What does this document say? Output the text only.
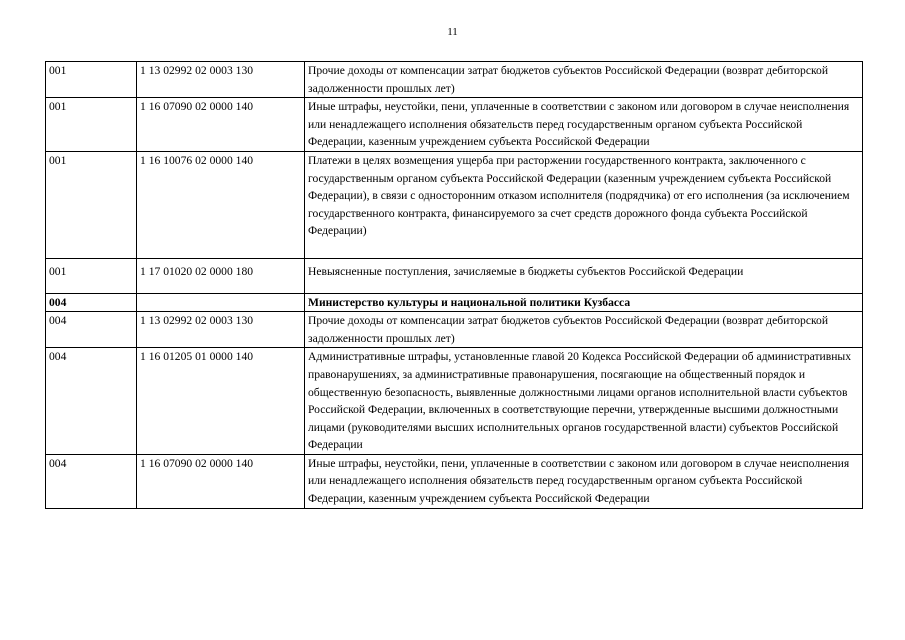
11
001	1 13 02992 02 0003 130	Прочие доходы от компенсации затрат бюджетов субъектов Российской Федерации (возврат дебиторской задолженности прошлых лет)
001	1 16 07090 02 0000 140	Иные штрафы, неустойки, пени, уплаченные в соответствии с законом или договором в случае неисполнения или ненадлежащего исполнения обязательств перед государственным органом субъекта Российской Федерации, казенным учреждением субъекта Российской Федерации
001	1 16 10076 02 0000 140	Платежи в целях возмещения ущерба при расторжении государственного контракта, заключенного с государственным органом субъекта Российской Федерации (казенным учреждением субъекта Российской Федерации), в связи с односторонним отказом исполнителя (подрядчика) от его исполнения (за исключением государственного контракта, финансируемого за счет средств дорожного фонда субъекта Российской Федерации)
001	1 17 01020 02 0000 180	Невыясненные поступления, зачисляемые в бюджеты субъектов Российской Федерации
004		Министерство культуры и национальной политики Кузбасса
004	1 13 02992 02 0003 130	Прочие доходы от компенсации затрат бюджетов субъектов Российской Федерации (возврат дебиторской задолженности прошлых лет)
004	1 16 01205 01 0000 140	Административные штрафы, установленные главой 20 Кодекса Российской Федерации об административных правонарушениях, за административные правонарушения, посягающие на общественный порядок и общественную безопасность, выявленные должностными лицами органов исполнительной власти субъектов Российской Федерации, включенных в соответствующие перечни, утвержденные высшими должностными лицами (руководителями высших исполнительных органов государственной власти) субъектов Российской Федерации
004	1 16 07090 02 0000 140	Иные штрафы, неустойки, пени, уплаченные в соответствии с законом или договором в случае неисполнения или ненадлежащего исполнения обязательств перед государственным органом субъекта Российской Федерации, казенным учреждением субъекта Российской Федерации
